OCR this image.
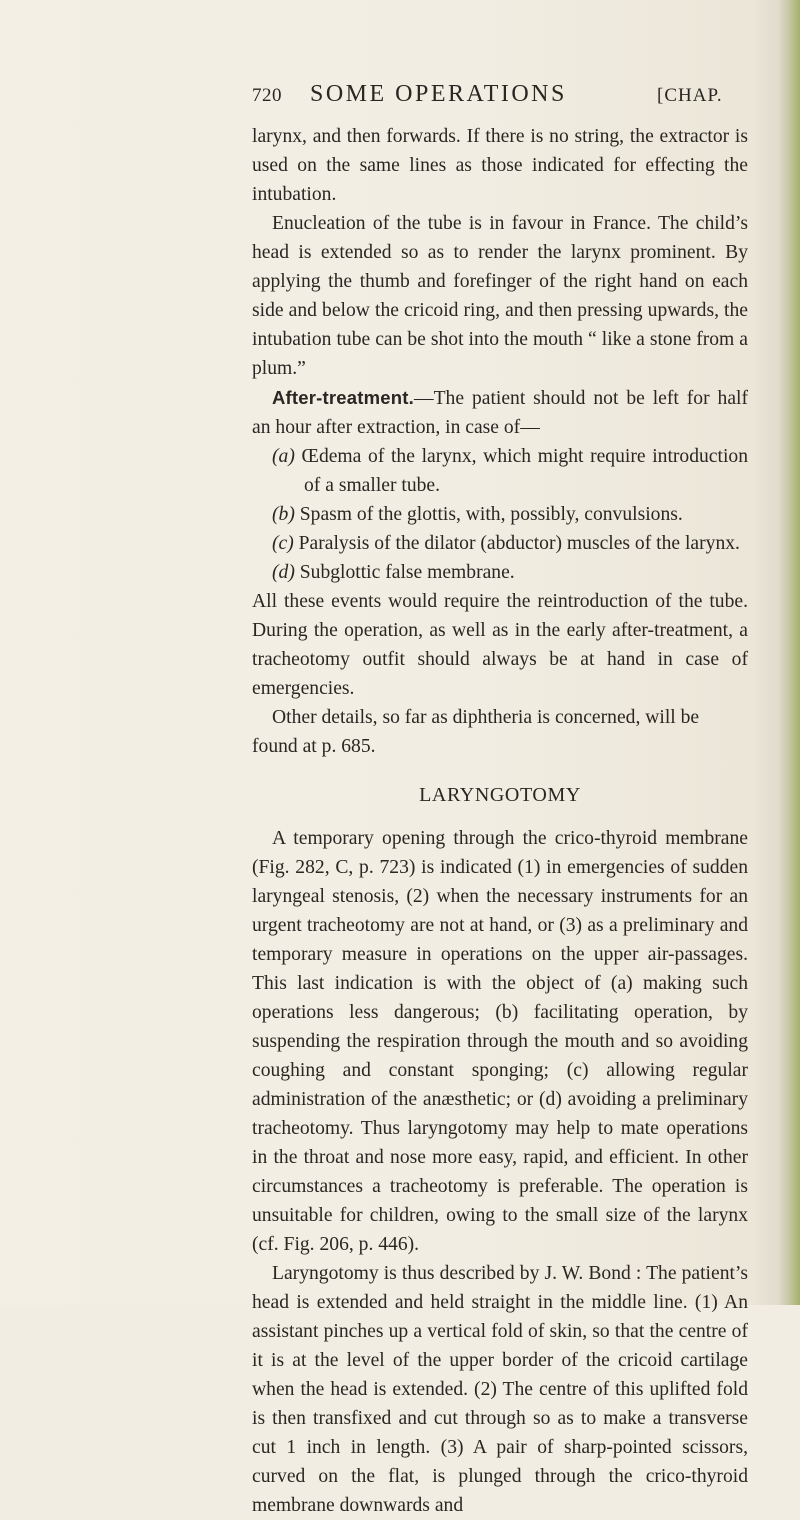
720 SOME OPERATIONS	[CHAP.

larynx, and then forwards. If there is no string, the extractor is used on the same lines as those indicated for effecting the intubation.

Enucleation of the tube is in favour in France. The child’s head is extended so as to render the larynx prominent. By applying the thumb and forefinger of the right hand on each side and below the cricoid ring, and then pressing upwards, the intubation tube can be shot into the mouth “ like a stone from a plum.”

After-treatment.—The patient should not be left for half an hour after extraction, in case of—

(a) Œdema of the larynx, which might require introduction of a smaller tube.

(b) Spasm of the glottis, with, possibly, convulsions.

(c) Paralysis of the dilator (abductor) muscles of the larynx.

(d) Subglottic false membrane.

All these events would require the reintroduction of the tube. During the operation, as well as in the early after-treatment, a tracheotomy outfit should always be at hand in case of emergencies.

Other details, so far as diphtheria is concerned, will be found at p. 685.

LARYNGOTOMY

A temporary opening through the crico-thyroid membrane (Fig. 282, C, p. 723) is indicated (1) in emergencies of sudden laryngeal stenosis, (2) when the necessary instruments for an urgent tracheotomy are not at hand, or (3) as a preliminary and temporary measure in operations on the upper air-passages. This last indication is with the object of (a) making such operations less dangerous; (b) facilitating operation, by suspending the respiration through the mouth and so avoiding coughing and constant sponging; (c) allowing regular administration of the anæsthetic; or (d) avoiding a preliminary tracheotomy. Thus laryngotomy may help to mate operations in the throat and nose more easy, rapid, and efficient. In other circumstances a tracheotomy is preferable. The operation is unsuitable for children, owing to the small size of the larynx (cf. Fig. 206, p. 446).

Laryngotomy is thus described by J. W. Bond : The patient’s head is extended and held straight in the middle line. (1) An assistant pinches up a vertical fold of skin, so that the centre of it is at the level of the upper border of the cricoid cartilage when the head is extended. (2) The centre of this uplifted fold is then transfixed and cut through so as to make a transverse cut 1 inch in length. (3) A pair of sharp-pointed scissors, curved on the flat, is plunged through the crico-thyroid membrane downwards and
